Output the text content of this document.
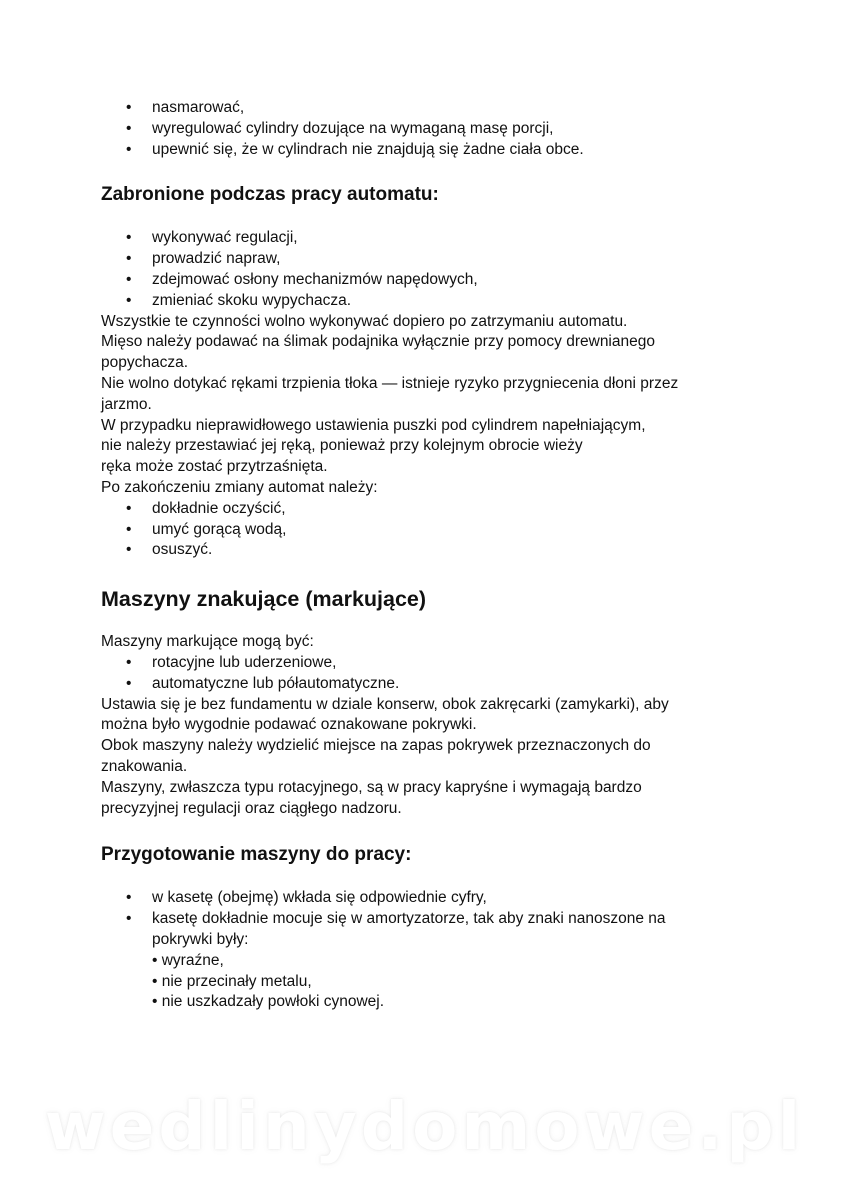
• nasmarować,
• wyregulować cylindry dozujące na wymaganą masę porcji,
• upewnić się, że w cylindrach nie znajdują się żadne ciała obce.
Zabronione podczas pracy automatu:
• wykonywać regulacji,
• prowadzić napraw,
• zdejmować osłony mechanizmów napędowych,
• zmieniać skoku wypychacza.

Wszystkie te czynności wolno wykonywać dopiero po zatrzymaniu automatu.

Mięso należy podawać na ślimak podajnika wyłącznie przy pomocy drewnianego

popychacza.

Nie wolno dotykać rękami trzpienia tłoka — istnieje ryzyko przygniecenia dłoni przez

jarzmo.

W przypadku nieprawidłowego ustawienia puszki pod cylindrem napełniającym,

nie należy przestawiać jej ręką, ponieważ przy kolejnym obrocie wieży

ręka może zostać przytrzaśnięta.

Po zakończeniu zmiany automat należy:

• dokładnie oczyścić,
• umyć gorącą wodą,
• osuszyć.
Maszyny znakujące (markujące)

Maszyny markujące mogą być:

• rotacyjne lub uderzeniowe,
• automatyczne lub półautomatyczne.

Ustawia się je bez fundamentu w dziale konserw, obok zakręcarki (zamykarki), aby

można było wygodnie podawać oznakowane pokrywki.

Obok maszyny należy wydzielić miejsce na zapas pokrywek przeznaczonych do

znakowania.

Maszyny, zwłaszcza typu rotacyjnego, są w pracy kapryśne i wymagają bardzo

precyzyjnej regulacji oraz ciągłego nadzoru.

Przygotowanie maszyny do pracy:
• w kasetę (obejmę) wkłada się odpowiednie cyfry,
• kasetę dokładnie mocuje się w amortyzatorze, tak aby znaki nanoszone na
pokrywki były:
• wyraźne,
• nie przecinały metalu,
• nie uszkadzały powłoki cynowej.
wedlinydomowe.pl
